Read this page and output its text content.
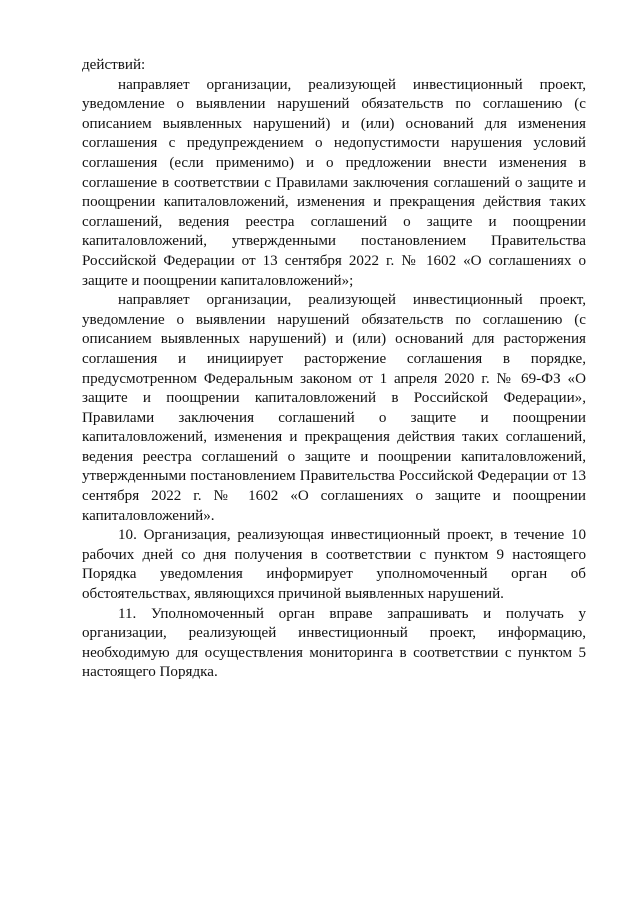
действий:

направляет организации, реализующей инвестиционный проект, уведомление о выявлении нарушений обязательств по соглашению (с описанием выявленных нарушений) и (или) оснований для изменения соглашения с предупреждением о недопустимости нарушения условий соглашения (если применимо) и о предложении внести изменения в соглашение в соответствии с Правилами заключения соглашений о защите и поощрении капиталовложений, изменения и прекращения действия таких соглашений, ведения реестра соглашений о защите и поощрении капиталовложений, утвержденными постановлением Правительства Российской Федерации от 13 сентября 2022 г. № 1602 «О соглашениях о защите и поощрении капиталовложений»;

направляет организации, реализующей инвестиционный проект, уведомление о выявлении нарушений обязательств по соглашению (с описанием выявленных нарушений) и (или) оснований для расторжения соглашения и инициирует расторжение соглашения в порядке, предусмотренном Федеральным законом от 1 апреля 2020 г. № 69-ФЗ «О защите и поощрении капиталовложений в Российской Федерации», Правилами заключения соглашений о защите и поощрении капиталовложений, изменения и прекращения действия таких соглашений, ведения реестра соглашений о защите и поощрении капиталовложений, утвержденными постановлением Правительства Российской Федерации от 13 сентября 2022 г. № 1602 «О соглашениях о защите и поощрении капиталовложений».

10. Организация, реализующая инвестиционный проект, в течение 10 рабочих дней со дня получения в соответствии с пунктом 9 настоящего Порядка уведомления информирует уполномоченный орган об обстоятельствах, являющихся причиной выявленных нарушений.

11. Уполномоченный орган вправе запрашивать и получать у организации, реализующей инвестиционный проект, информацию, необходимую для осуществления мониторинга в соответствии с пунктом 5 настоящего Порядка.
